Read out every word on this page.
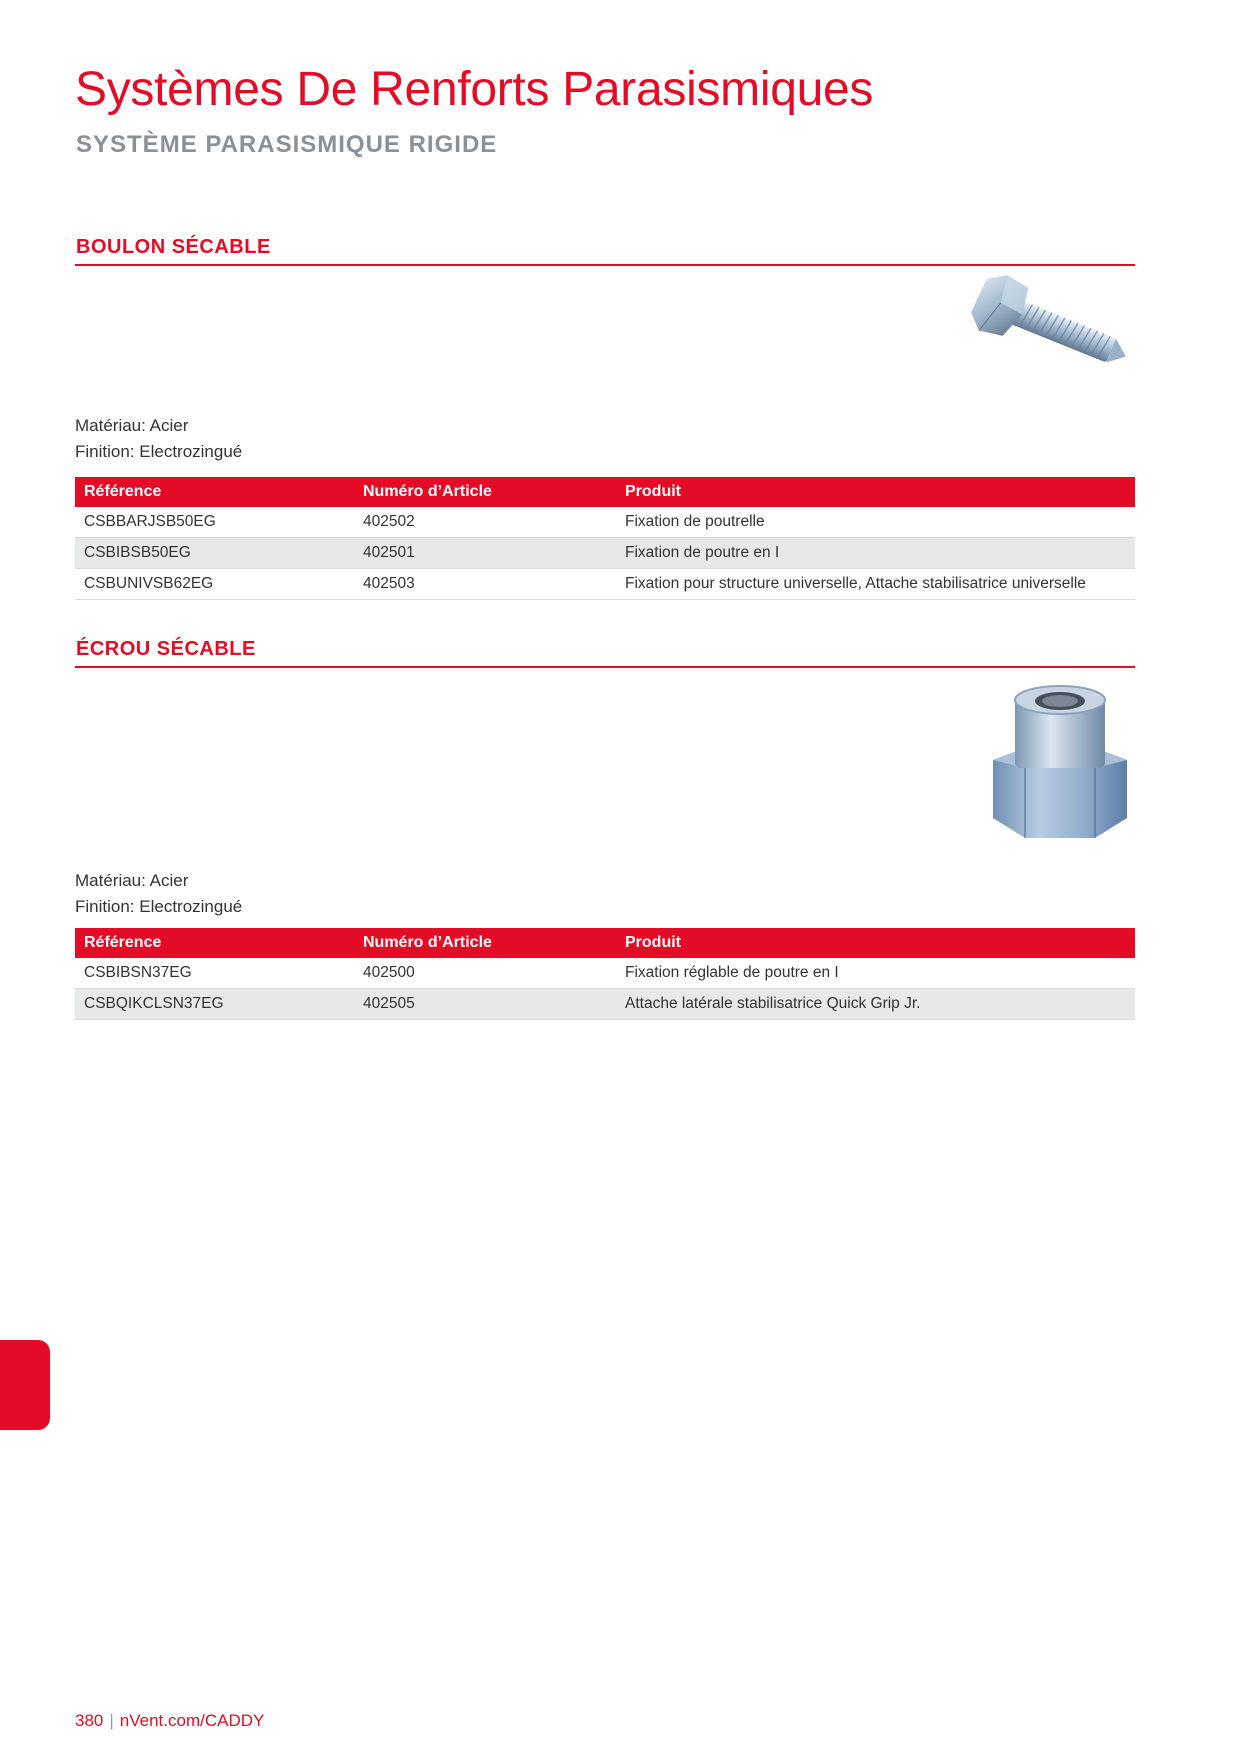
Systèmes De Renforts Parasismiques
SYSTÈME PARASISMIQUE RIGIDE
BOULON SÉCABLE
Matériau: Acier
Finition: Electrozingué
Référence	Numéro d’Article	Produit
CSBBARJSB50EG	402502	Fixation de poutrelle
CSBIBSB50EG	402501	Fixation de poutre en I
CSBUNIVSB62EG	402503	Fixation pour structure universelle, Attache stabilisatrice universelle
ÉCROU SÉCABLE
Matériau: Acier
Finition: Electrozingué
Référence	Numéro d’Article	Produit
CSBIBSN37EG	402500	Fixation réglable de poutre en I
CSBQIKCLSN37EG	402505	Attache latérale stabilisatrice Quick Grip Jr.
380 | nVent.com/CADDY
